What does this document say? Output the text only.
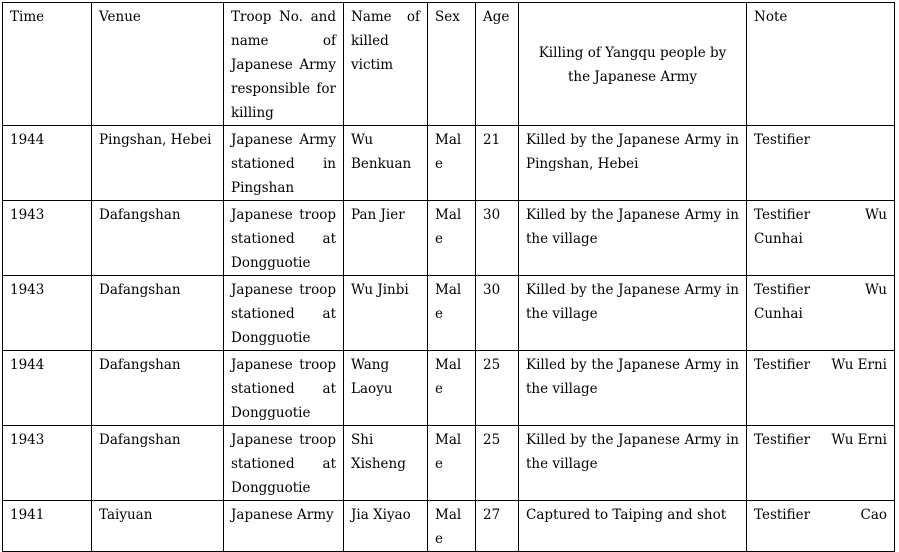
Time	Venue	Troop No. and name of Japanese Army responsible for killing	Name of killed victim	Sex	Age	Killing of Yangqu people by the Japanese Army	Note
1944	Pingshan, Hebei	Japanese Army stationed in Pingshan	Wu Benkuan	Male	21	Killed by the Japanese Army in Pingshan, Hebei	Testifier

1943	Dafangshan	Japanese troop stationed at Dongguotie	Pan Jier	Male	30	Killed by the Japanese Army in the village	Testifier Wu
Cunhai

1943	Dafangshan	Japanese troop stationed at Dongguotie	Wu Jinbi	Male	30	Killed by the Japanese Army in the village	Testifier Wu
Cunhai

1944	Dafangshan	Japanese troop stationed at Dongguotie	Wang Laoyu	Male	25	Killed by the Japanese Army in the village	Testifier Wu Erni

1943	Dafangshan	Japanese troop stationed at Dongguotie	Shi Xisheng	Male	25	Killed by the Japanese Army in the village	Testifier Wu Erni

1941	Taiyuan	Japanese Army	Jia Xiyao	Male	27	Captured to Taiping and shot	Testifier Cao
